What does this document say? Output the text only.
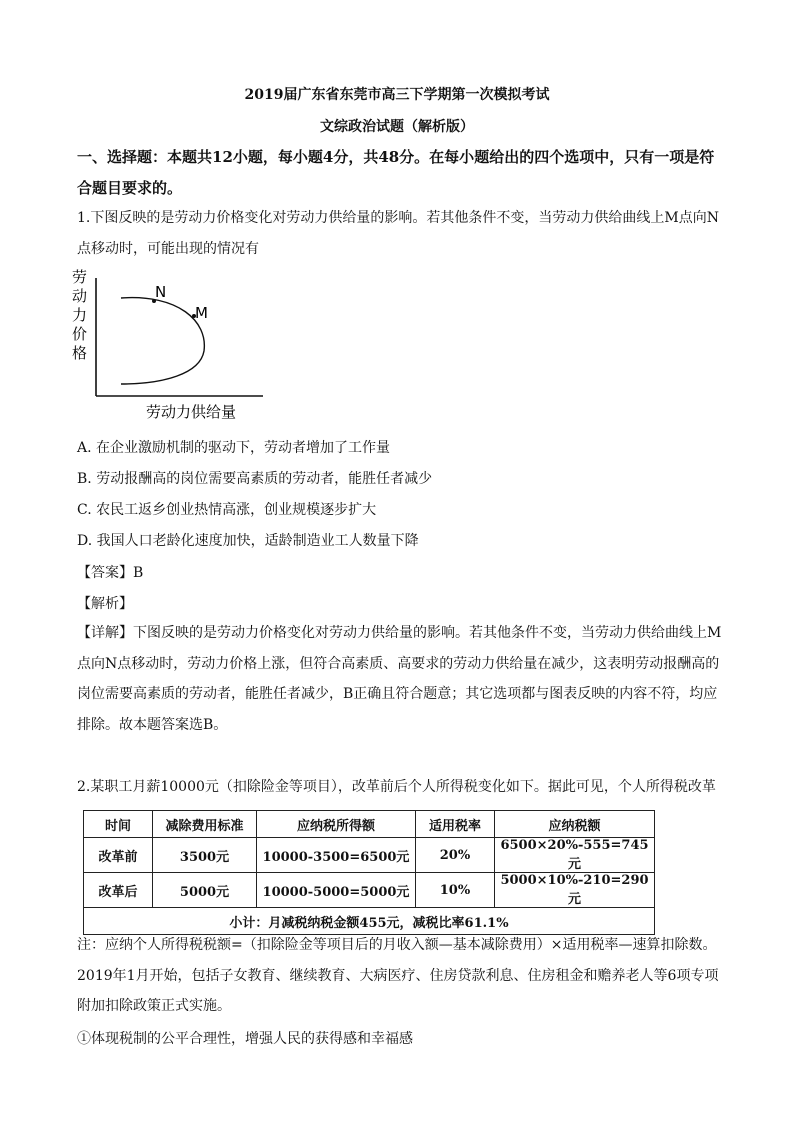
2019届广东省东莞市高三下学期第一次模拟考试
文综政治试题（解析版）

一、选择题：本题共12小题，每小题4分，共48分。在每小题给出的四个选项中，只有一项是符合题目要求的。

1.下图反映的是劳动力价格变化对劳动力供给量的影响。若其他条件不变，当劳动力供给曲线上M点向N点移动时，可能出现的情况有

N
M
劳动力价格
劳动力供给量
A. 在企业激励机制的驱动下，劳动者增加了工作量
B. 劳动报酬高的岗位需要高素质的劳动者，能胜任者减少
C. 农民工返乡创业热情高涨，创业规模逐步扩大
D. 我国人口老龄化速度加快，适龄制造业工人数量下降
【答案】B
【解析】

【详解】下图反映的是劳动力价格变化对劳动力供给量的影响。若其他条件不变，当劳动力供给曲线上M点向N点移动时，劳动力价格上涨，但符合高素质、高要求的劳动力供给量在减少，这表明劳动报酬高的岗位需要高素质的劳动者，能胜任者减少，B正确且符合题意；其它选项都与图表反映的内容不符，均应排除。故本题答案选B。

2.某职工月薪10000元（扣除险金等项目），改革前后个人所得税变化如下。据此可见，个人所得税改革

时间	减除费用标准	应纳税所得额	适用税率	应纳税额
改革前	3500元	10000-3500=6500元	20%	6500×20%-555=745元
改革后	5000元	10000-5000=5000元	10%	5000×10%-210=290元
小计：月减税纳税金额455元，减税比率61.1%				

注：应纳个人所得税税额=（扣除险金等项目后的月收入额—基本减除费用）×适用税率—速算扣除数。2019年1月开始，包括子女教育、继续教育、大病医疗、住房贷款利息、住房租金和赡养老人等6项专项附加扣除政策正式实施。

①体现税制的公平合理性，增强人民的获得感和幸福感
